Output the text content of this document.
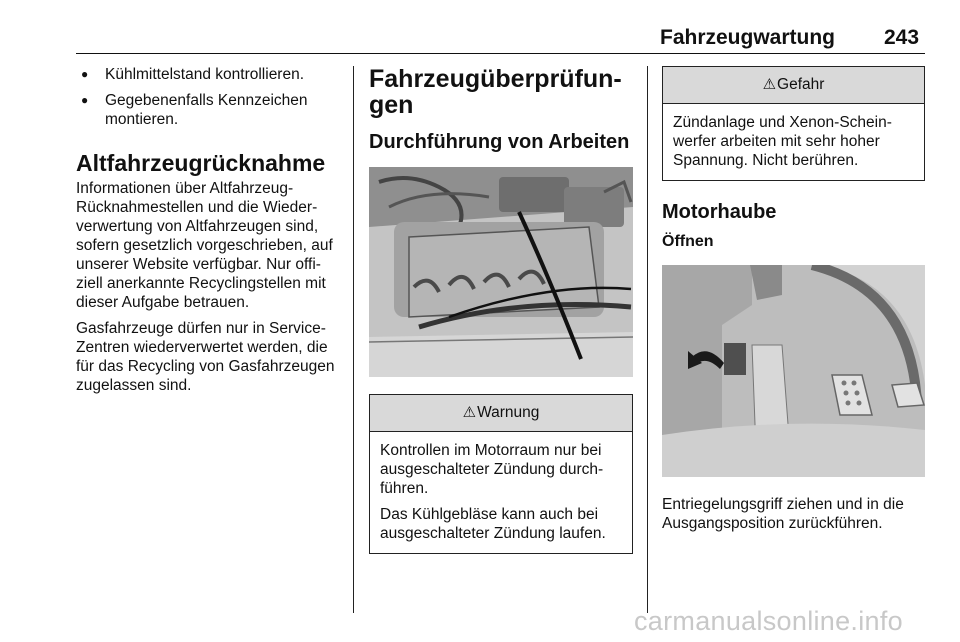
Fahrzeugwartung 243
● Kühlmittelstand kontrollieren.
● Gegebenenfalls Kennzeichen montieren.
Altfahrzeugrücknahme

Informationen über Altfahrzeug-Rücknahmestellen und die Wieder-verwertung von Altfahrzeugen sind, sofern gesetzlich vorgeschrieben, auf unserer Website verfügbar. Nur offi-ziell anerkannte Recyclingstellen mit dieser Aufgabe betrauen.

Gasfahrzeuge dürfen nur in Service-Zentren wiederverwertet werden, die für das Recycling von Gasfahrzeugen zugelassen sind.

Fahrzeugüberprüfun-gen
Durchführung von Arbeiten
⚠Warnung

Kontrollen im Motorraum nur bei ausgeschalteter Zündung durch-führen.

Das Kühlgebläse kann auch bei ausgeschalteter Zündung laufen.

⚠Gefahr

Zündanlage und Xenon-Schein-werfer arbeiten mit sehr hoher Spannung. Nicht berühren.

Motorhaube
Öffnen

Entriegelungsgriff ziehen und in die Ausgangsposition zurückführen.

carmanualsonline.info
